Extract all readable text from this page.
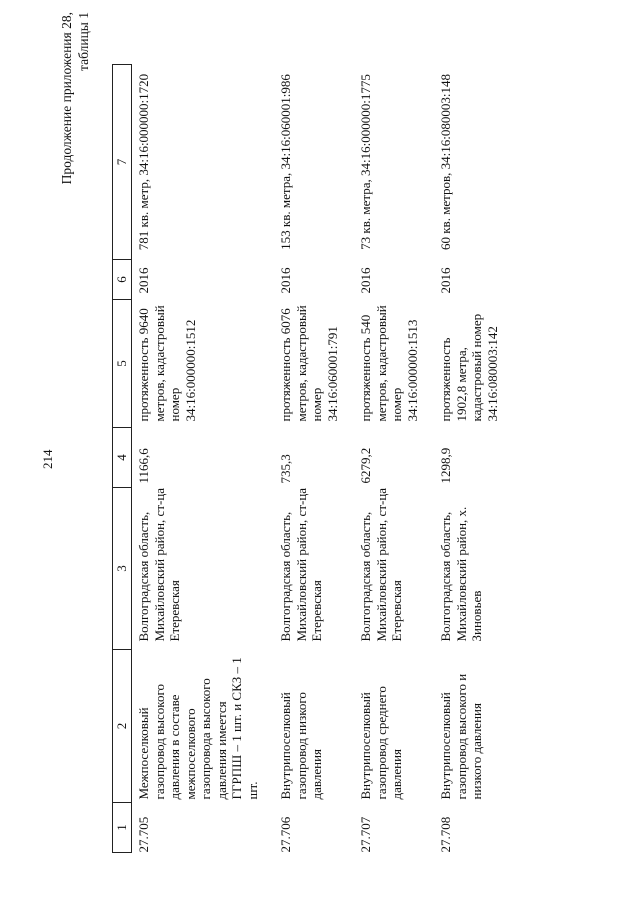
214
Продолжение приложения 28, таблицы 1
1	2	3	4	5	6	7
27.705	Межпоселковый газопровод высокого давления в составе межпоселкового газопровода высокого давления имеется ГГРПШ – 1 шт. и СКЗ – 1 шт.	Волгоградская область, Михайловский район, ст-ца Етеревская	1166,6	протяженность 9640 метров, кадастровый номер 34:16:000000:1512	2016	781 кв. метр, 34:16:000000:1720
27.706	Внутрипоселковый газопровод низкого давления	Волгоградская область, Михайловский район, ст-ца Етеревская	735,3	протяженность 6076 метров, кадастровый номер 34:16:060001:791	2016	153 кв. метра, 34:16:060001:986
27.707	Внутрипоселковый газопровод среднего давления	Волгоградская область, Михайловский район, ст-ца Етеревская	6279,2	протяженность 540 метров, кадастровый номер 34:16:000000:1513	2016	73 кв. метра, 34:16:000000:1775
27.708	Внутрипоселковый газопровод высокого и низкого давления	Волгоградская область, Михайловский район, х. Зиновьев	1298,9	протяженность 1902,8 метра, кадастровый номер 34:16:080003:142	2016	60 кв. метров, 34:16:080003:148
